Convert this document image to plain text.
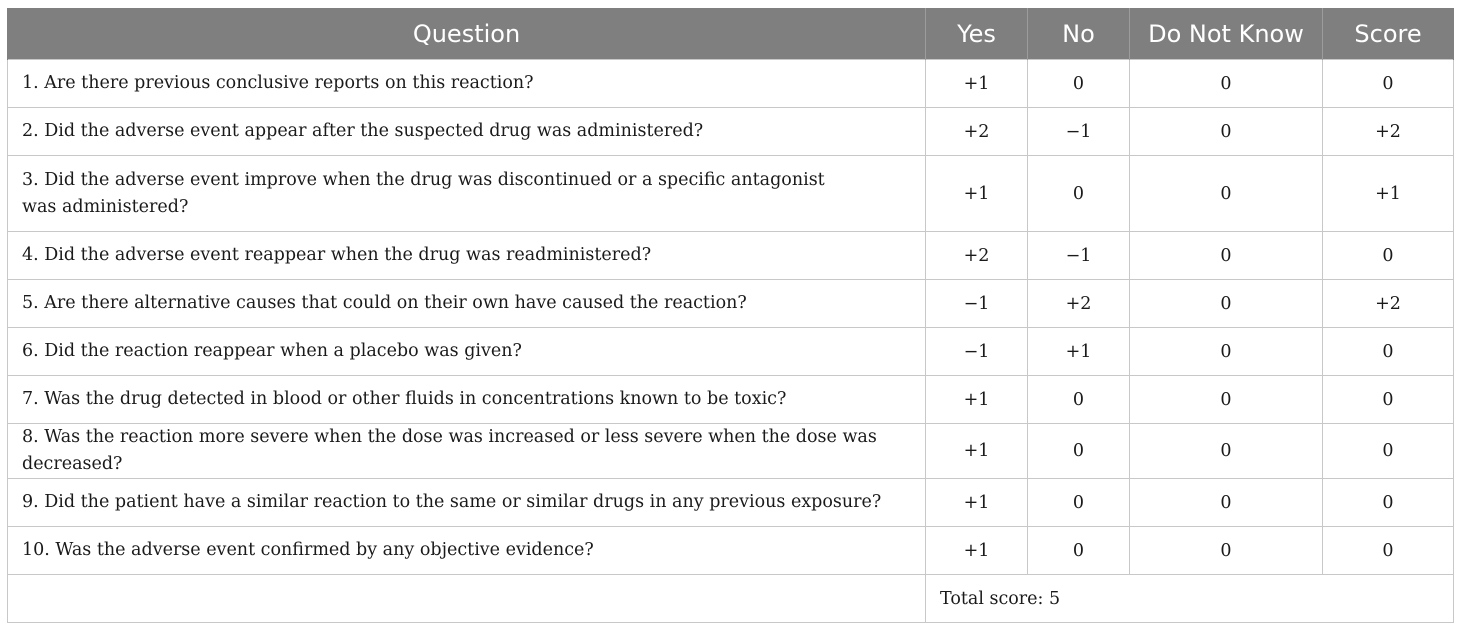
Question	Yes	No	Do Not Know	Score
1. Are there previous conclusive reports on this reaction?	+1	0	0	0
2. Did the adverse event appear after the suspected drug was administered?	+2	−1	0	+2
3. Did the adverse event improve when the drug was discontinued or a specific antagonist
was administered?	+1	0	0	+1
4. Did the adverse event reappear when the drug was readministered?	+2	−1	0	0
5. Are there alternative causes that could on their own have caused the reaction?	−1	+2	0	+2
6. Did the reaction reappear when a placebo was given?	−1	+1	0	0
7. Was the drug detected in blood or other fluids in concentrations known to be toxic?	+1	0	0	0
8. Was the reaction more severe when the dose was increased or less severe when the dose was decreased?	+1	0	0	0
9. Did the patient have a similar reaction to the same or similar drugs in any previous exposure?	+1	0	0	0
10. Was the adverse event confirmed by any objective evidence?	+1	0	0	0
	Total score: 5			
